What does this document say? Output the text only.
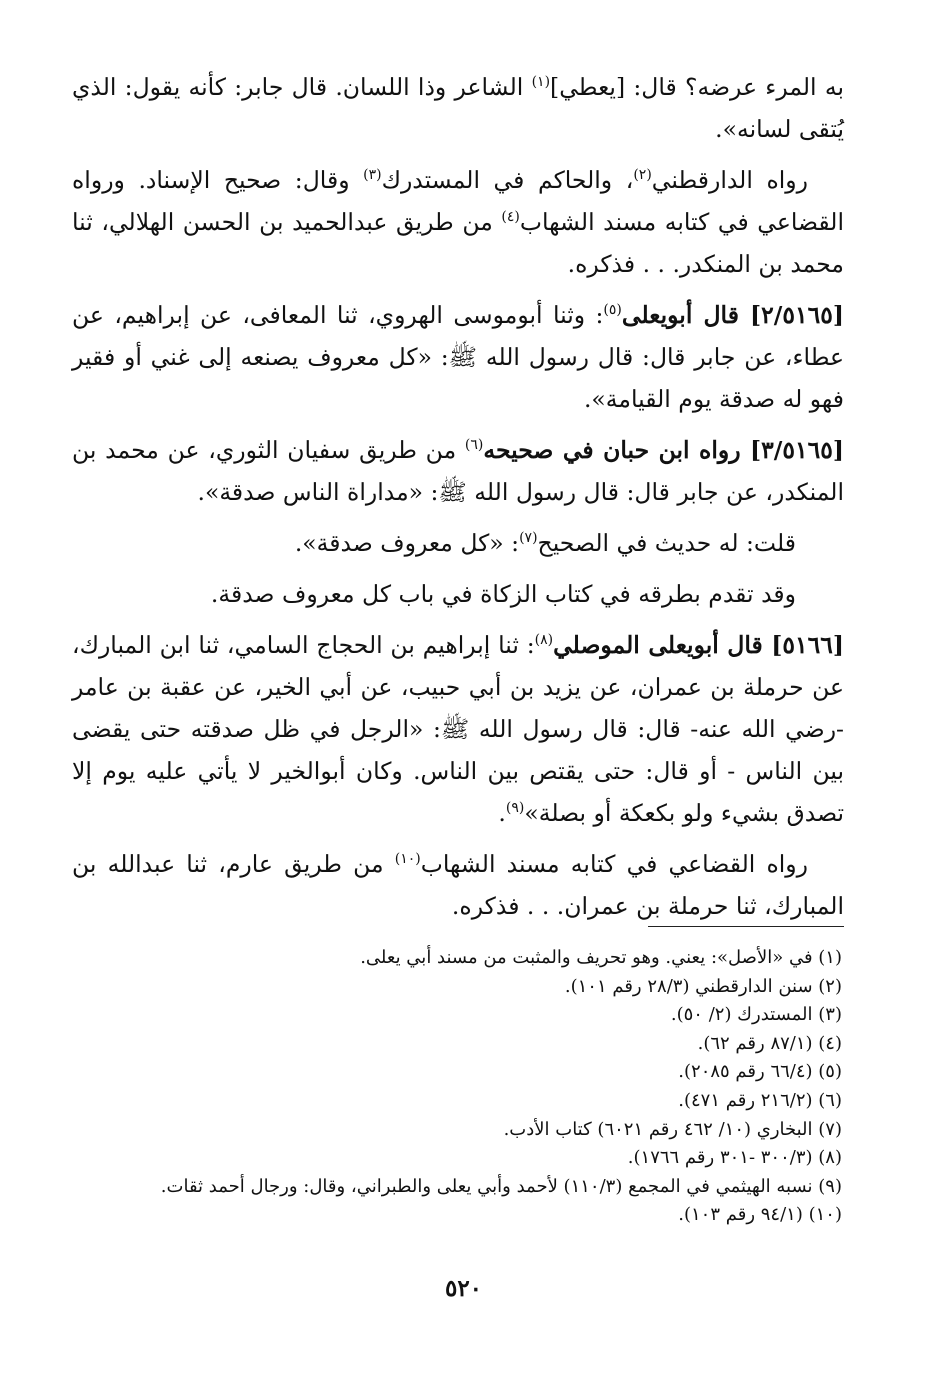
به المرء عرضه؟ قال: [يعطي]$^{(١)}$ الشاعر وذا اللسان. قال جابر: كأنه يقول: الذي يُتقى لسانه».

رواه الدارقطني$^{(٢)}$، والحاكم في المستدرك$^{(٣)}$ وقال: صحيح الإسناد. ورواه القضاعي في كتابه مسند الشهاب$^{(٤)}$ من طريق عبدالحميد بن الحسن الهلالي، ثنا محمد بن المنكدر. . . فذكره.

[٢/٥١٦٥] قال أبويعلى$^{(٥)}$: وثنا أبوموسى الهروي، ثنا المعافى، عن إبراهيم، عن عطاء، عن جابر قال: قال رسول الله ﷺ: «كل معروف يصنعه إلى غني أو فقير فهو له صدقة يوم القيامة».

[٣/٥١٦٥] رواه ابن حبان في صحيحه$^{(٦)}$ من طريق سفيان الثوري، عن محمد بن المنكدر، عن جابر قال: قال رسول الله ﷺ: «مداراة الناس صدقة».

قلت: له حديث في الصحيح$^{(٧)}$: «كل معروف صدقة».

وقد تقدم بطرقه في كتاب الزكاة في باب كل معروف صدقة.

[٥١٦٦] قال أبويعلى الموصلي$^{(٨)}$: ثنا إبراهيم بن الحجاج السامي، ثنا ابن المبارك، عن حرملة بن عمران، عن يزيد بن أبي حبيب، عن أبي الخير، عن عقبة بن عامر -رضي الله عنه- قال: قال رسول الله ﷺ: «الرجل في ظل صدقته حتى يقضى بين الناس - أو قال: حتى يقتص بين الناس. وكان أبوالخير لا يأتي عليه يوم إلا تصدق بشيء ولو بكعكة أو بصلة»$^{(٩)}$.

رواه القضاعي في كتابه مسند الشهاب$^{(١٠)}$ من طريق عارم، ثنا عبدالله بن المبارك، ثنا حرملة بن عمران. . . فذكره.

(١) في «الأصل»: يعني. وهو تحريف والمثبت من مسند أبي يعلى.
(٢) سنن الدارقطني (٢٨/٣ رقم ١٠١).
(٣) المستدرك (٢/ ٥٠).
(٤) (٨٧/١ رقم ٦٢).
(٥) (٦٦/٤ رقم ٢٠٨٥).
(٦) (٢١٦/٢ رقم ٤٧١).
(٧) البخاري (١٠/ ٤٦٢ رقم ٦٠٢١) كتاب الأدب.
(٨) (٣٠٠/٣ -٣٠١ رقم ١٧٦٦).
(٩) نسبه الهيثمي في المجمع (١١٠/٣) لأحمد وأبي يعلى والطبراني، وقال: ورجال أحمد ثقات.
(١٠) (٩٤/١ رقم ١٠٣).
٥٢٠
